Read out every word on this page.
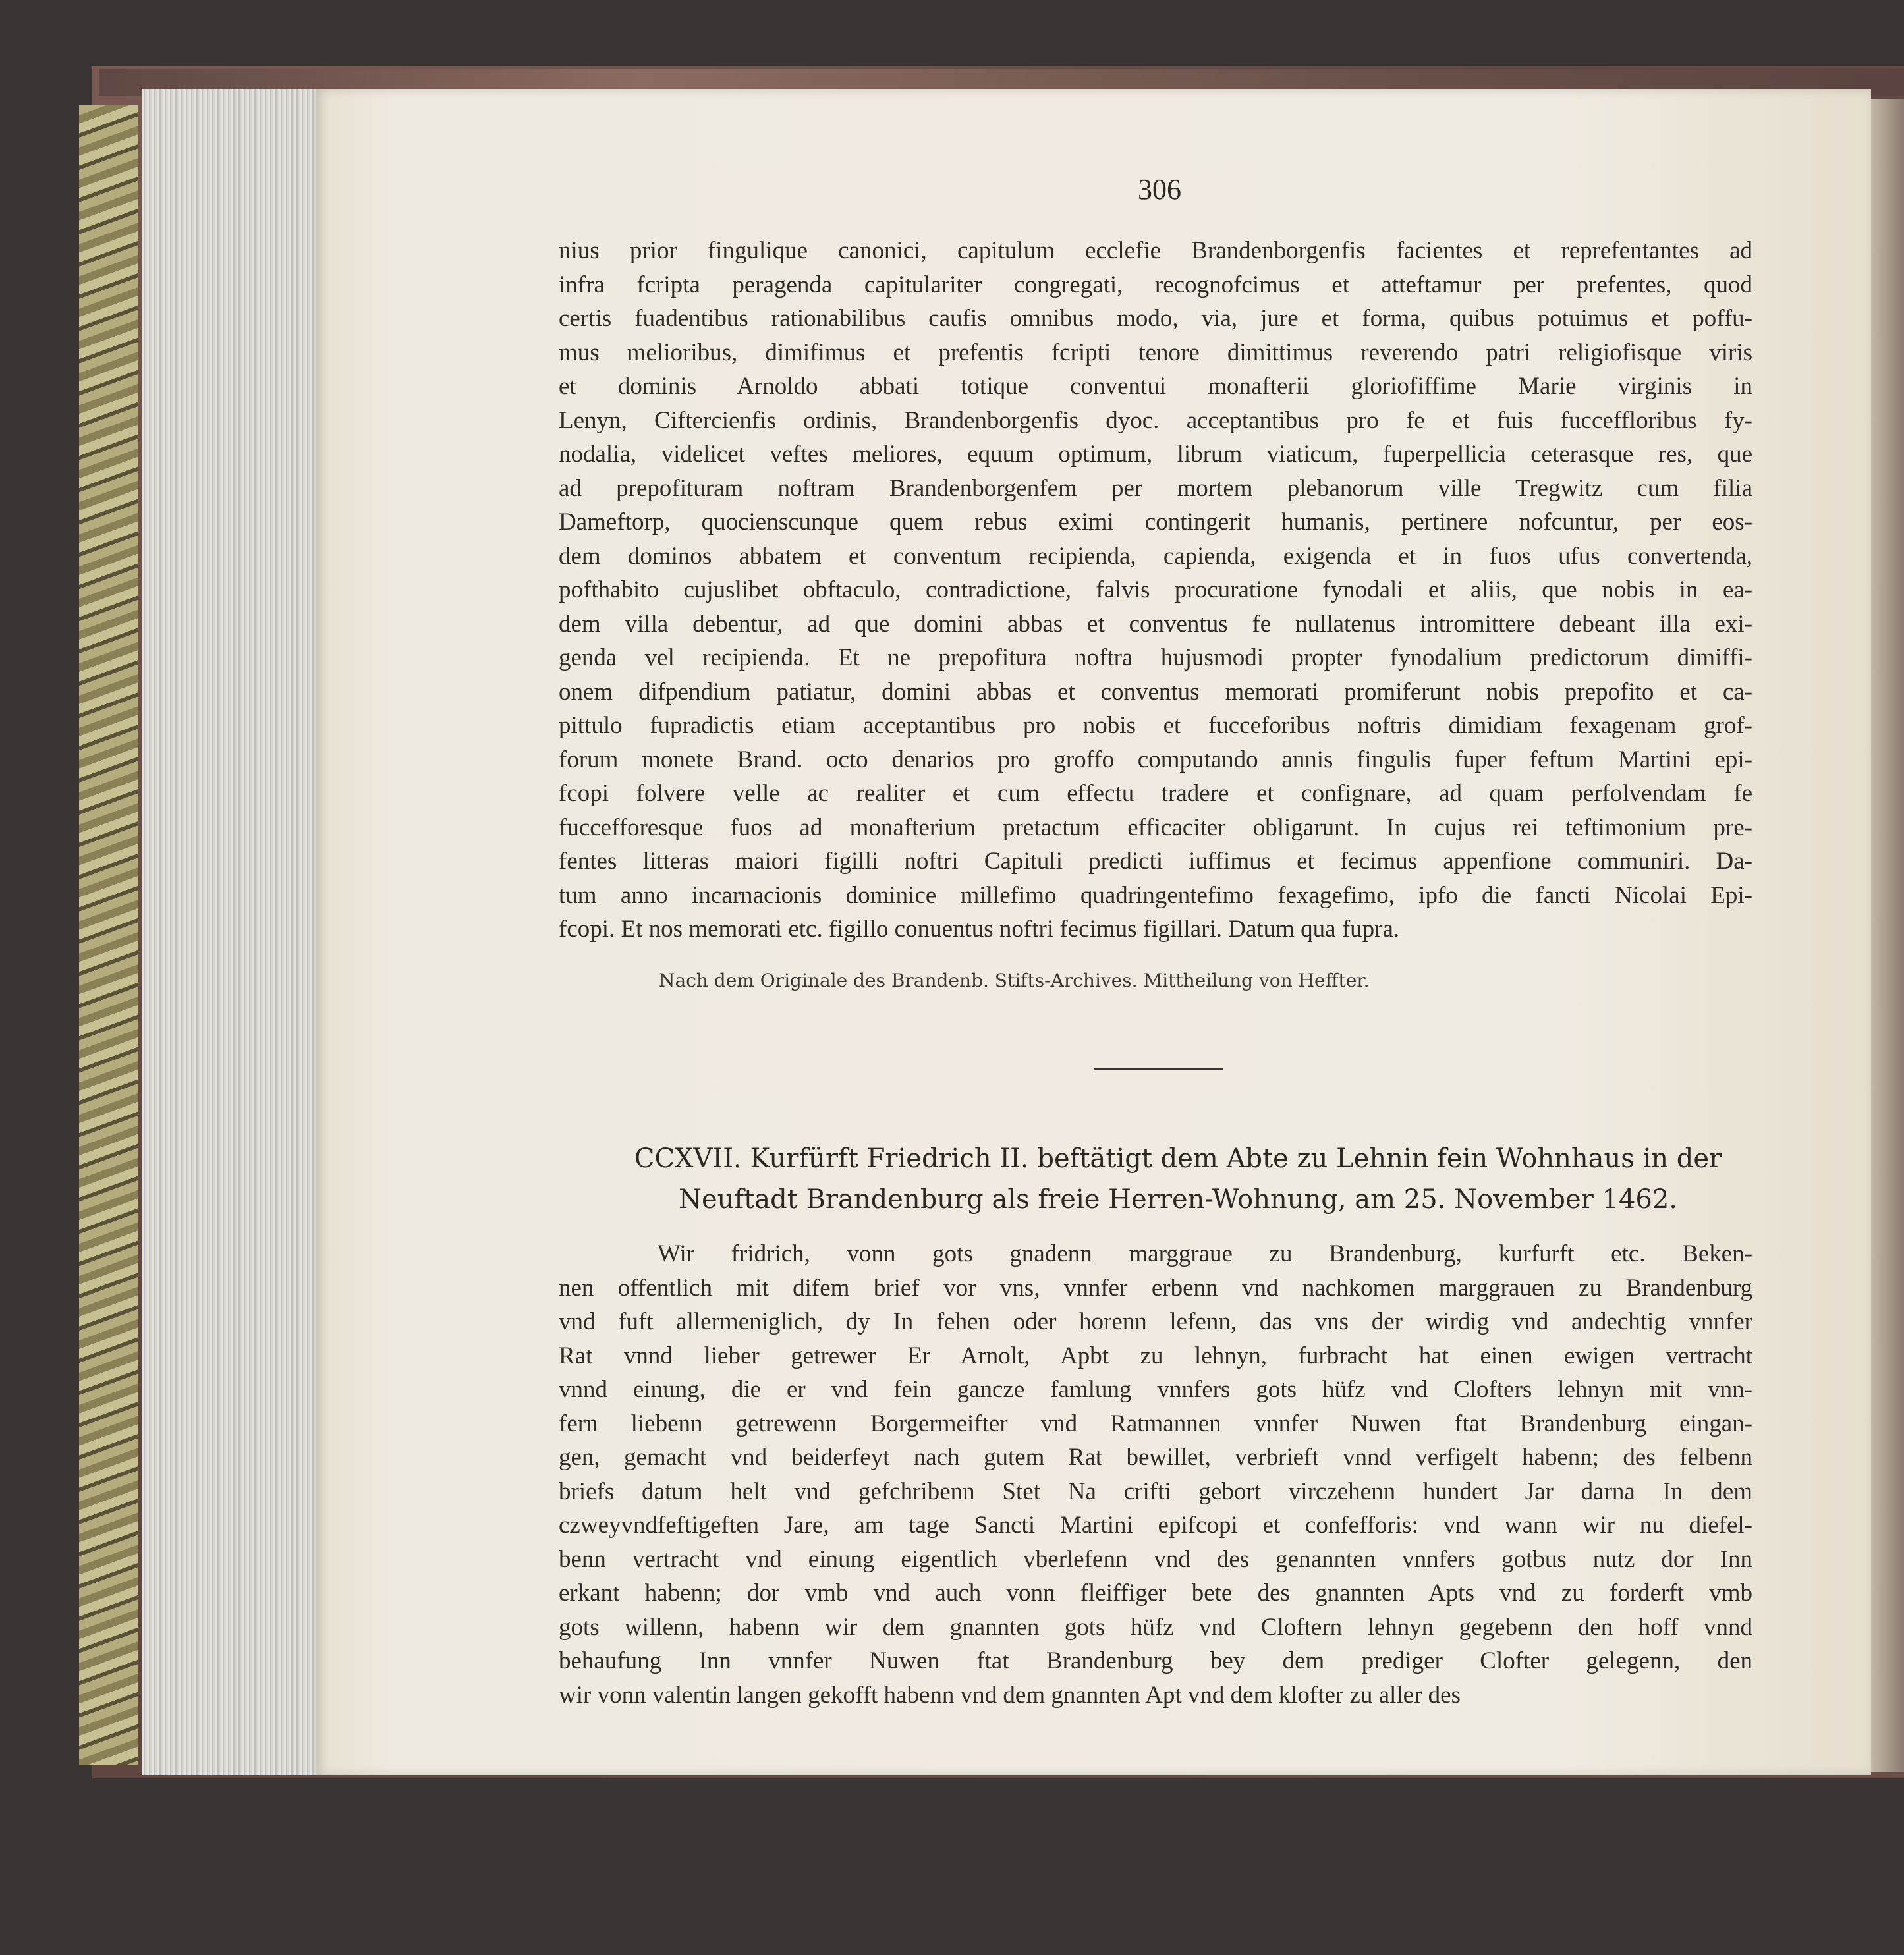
306
nius prior fingulique canonici, capitulum ecclefie Brandenborgenfis facientes et reprefentantes ad
infra fcripta peragenda capitulariter congregati, recognofcimus et atteftamur per prefentes, quod
certis fuadentibus rationabilibus caufis omnibus modo, via, jure et forma, quibus potuimus et poffu-
mus melioribus, dimifimus et prefentis fcripti tenore dimittimus reverendo patri religiofisque viris
et dominis Arnoldo abbati totique conventui monafterii gloriofiffime Marie virginis in
Lenyn, Ciftercienfis ordinis, Brandenborgenfis dyoc. acceptantibus pro fe et fuis fucceffloribus fy-
nodalia, videlicet veftes meliores, equum optimum, librum viaticum, fuperpellicia ceterasque res, que
ad prepofituram noftram Brandenborgenfem per mortem plebanorum ville Tregwitz cum filia
Dameftorp, quocienscunque quem rebus eximi contingerit humanis, pertinere nofcuntur, per eos-
dem dominos abbatem et conventum recipienda, capienda, exigenda et in fuos ufus convertenda,
pofthabito cujuslibet obftaculo, contradictione, falvis procuratione fynodali et aliis, que nobis in ea-
dem villa debentur, ad que domini abbas et conventus fe nullatenus intromittere debeant illa exi-
genda vel recipienda. Et ne prepofitura noftra hujusmodi propter fynodalium predictorum dimiffi-
onem difpendium patiatur, domini abbas et conventus memorati promiferunt nobis prepofito et ca-
pittulo fupradictis etiam acceptantibus pro nobis et fucceforibus noftris dimidiam fexagenam grof-
forum monete Brand. octo denarios pro groffo computando annis fingulis fuper feftum Martini epi-
fcopi folvere velle ac realiter et cum effectu tradere et confignare, ad quam perfolvendam fe
fuccefforesque fuos ad monafterium pretactum efficaciter obligarunt. In cujus rei teftimonium pre-
fentes litteras maiori figilli noftri Capituli predicti iuffimus et fecimus appenfione communiri. Da-
tum anno incarnacionis dominice millefimo quadringentefimo fexagefimo, ipfo die fancti Nicolai Epi-
fcopi. Et nos memorati etc. figillo conuentus noftri fecimus figillari. Datum qua fupra.
Nach dem Originale des Brandenb. Stifts-Archives. Mittheilung von Heffter.
CCXVII. Kurfürft Friedrich II. beftätigt dem Abte zu Lehnin fein Wohnhaus in der
Neuftadt Brandenburg als freie Herren-Wohnung, am 25. November 1462.
Wir fridrich, vonn gots gnadenn marggraue zu Brandenburg, kurfurft etc. Beken-
nen offentlich mit difem brief vor vns, vnnfer erbenn vnd nachkomen marggrauen zu Brandenburg
vnd fuft allermeniglich, dy In fehen oder horenn lefenn, das vns der wirdig vnd andechtig vnnfer
Rat vnnd lieber getrewer Er Arnolt, Apbt zu lehnyn, furbracht hat einen ewigen vertracht
vnnd einung, die er vnd fein gancze famlung vnnfers gots hüfz vnd Clofters lehnyn mit vnn-
fern liebenn getrewenn Borgermeifter vnd Ratmannen vnnfer Nuwen ftat Brandenburg eingan-
gen, gemacht vnd beiderfeyt nach gutem Rat bewillet, verbrieft vnnd verfigelt habenn; des felbenn
briefs datum helt vnd gefchribenn Stet Na crifti gebort virczehenn hundert Jar darna In dem
czweyvndfeftigeften Jare, am tage Sancti Martini epifcopi et confefforis: vnd wann wir nu diefel-
benn vertracht vnd einung eigentlich vberlefenn vnd des genannten vnnfers gotbus nutz dor Inn
erkant habenn; dor vmb vnd auch vonn fleiffiger bete des gnannten Apts vnd zu forderft vmb
gots willenn, habenn wir dem gnannten gots hüfz vnd Cloftern lehnyn gegebenn den hoff vnnd
behaufung Inn vnnfer Nuwen ftat Brandenburg bey dem prediger Clofter gelegenn, den
wir vonn valentin langen gekofft habenn vnd dem gnannten Apt vnd dem klofter zu aller des
